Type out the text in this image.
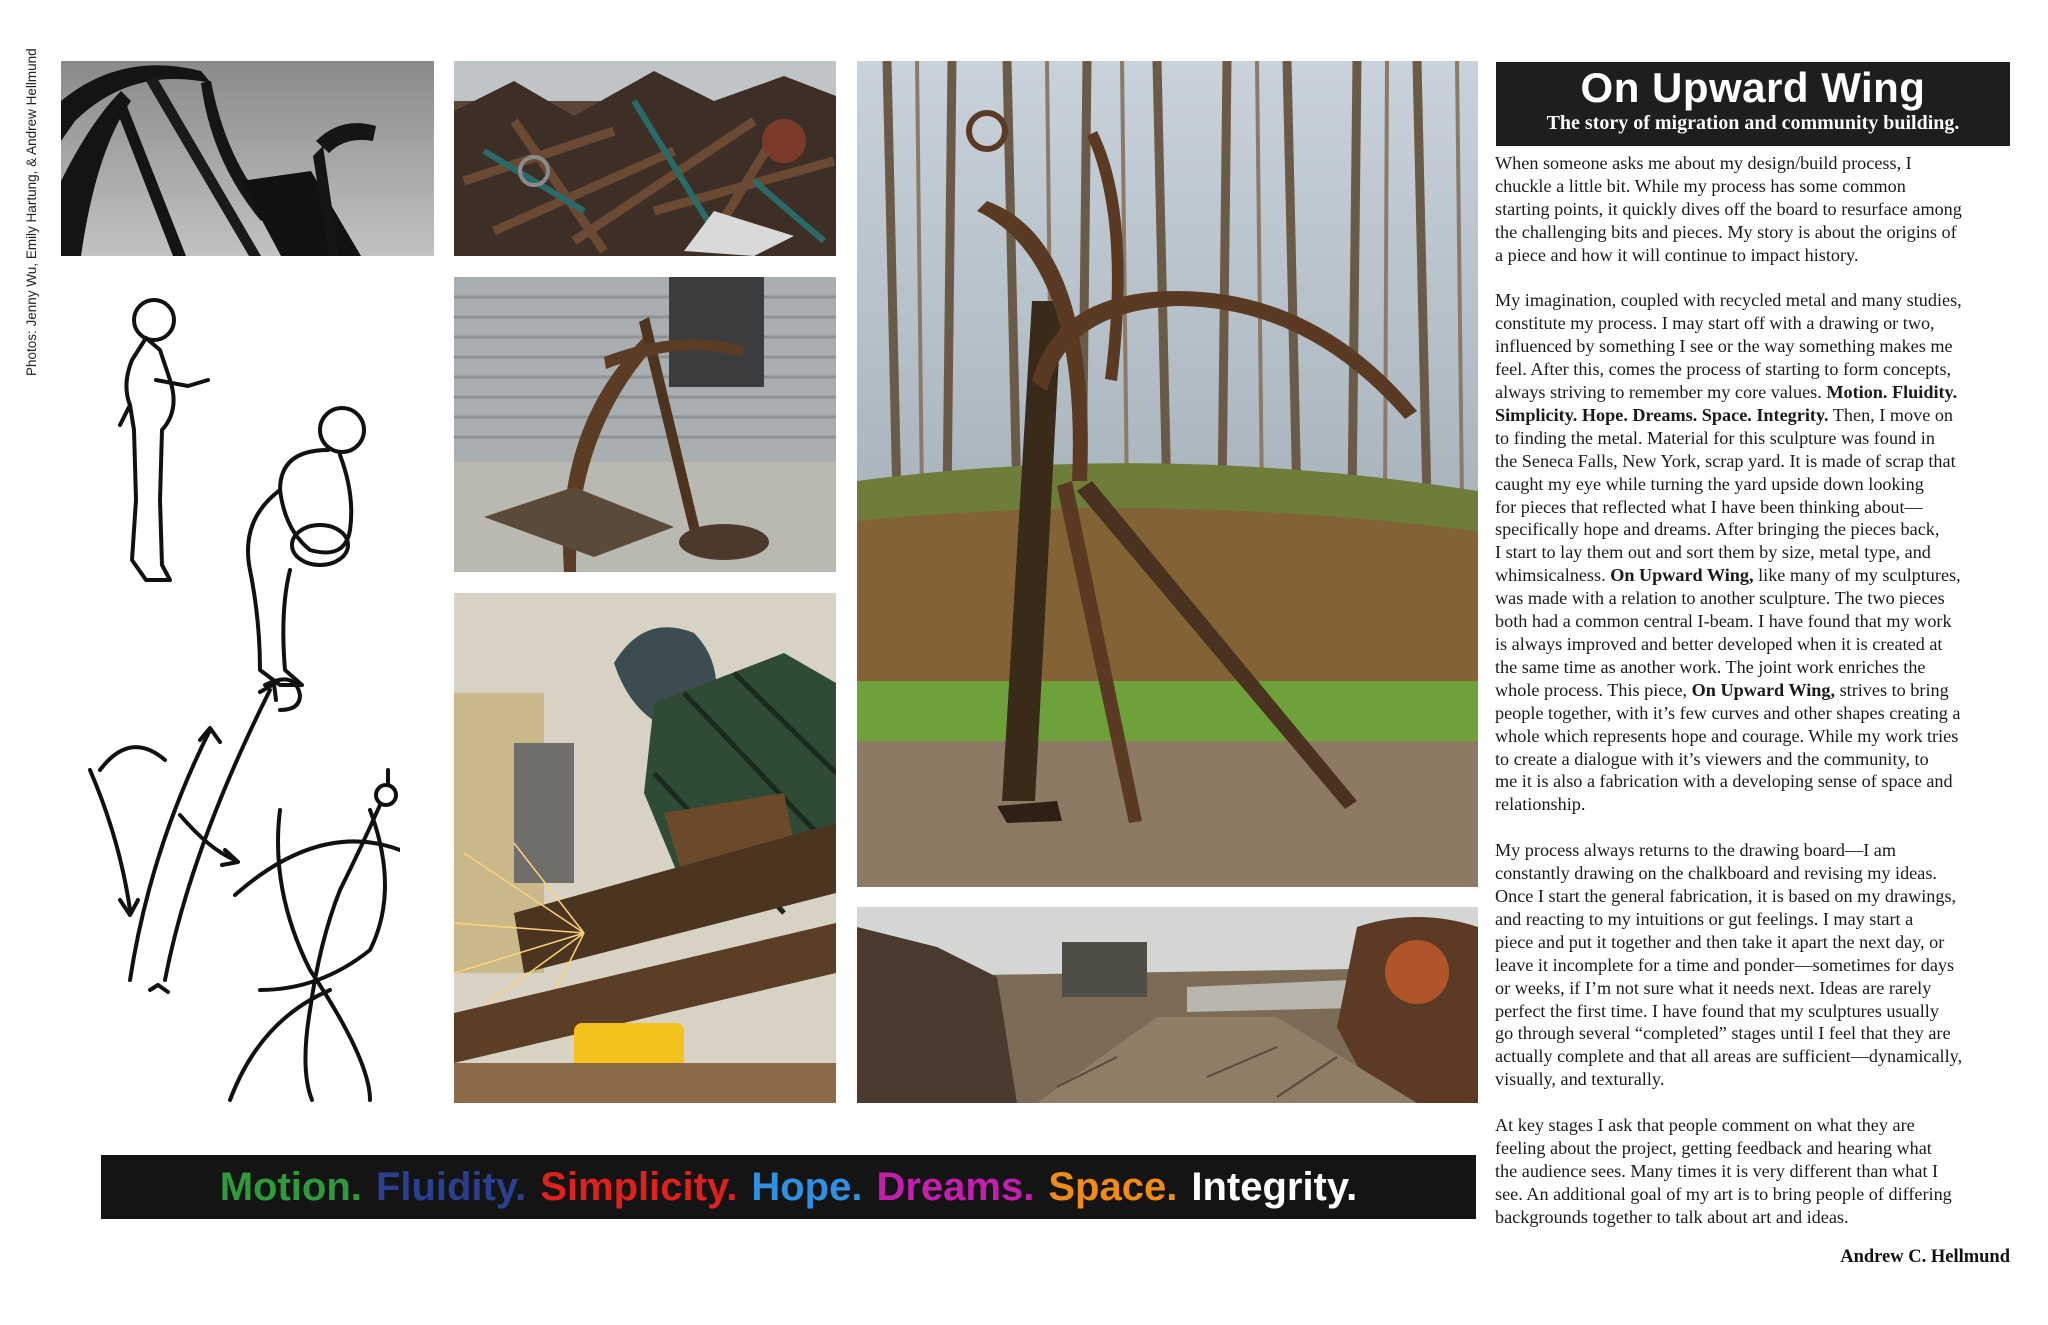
Photos: Jenny Wu, Emily Hartung, & Andrew Hellmund	On Upward Wing
The story of migration and community building.

When someone asks me about my design/build process, I
chuckle a little bit. While my process has some common
starting points, it quickly dives off the board to resurface among
the challenging bits and pieces. My story is about the origins of
a piece and how it will continue to impact history.

My imagination, coupled with recycled metal and many studies,
constitute my process. I may start off with a drawing or two,
influenced by something I see or the way something makes me
feel. After this, comes the process of starting to form concepts,
always striving to remember my core values. Motion. Fluidity.
Simplicity. Hope. Dreams. Space. Integrity. Then, I move on
to finding the metal. Material for this sculpture was found in
the Seneca Falls, New York, scrap yard. It is made of scrap that
caught my eye while turning the yard upside down looking
for pieces that reflected what I have been thinking about—
specifically hope and dreams. After bringing the pieces back,
I start to lay them out and sort them by size, metal type, and
whimsicalness. On Upward Wing, like many of my sculptures,
was made with a relation to another sculpture. The two pieces
both had a common central I-beam. I have found that my work
is always improved and better developed when it is created at
the same time as another work. The joint work enriches the
whole process. This piece, On Upward Wing, strives to bring
people together, with it’s few curves and other shapes creating a
whole which represents hope and courage. While my work tries
to create a dialogue with it’s viewers and the community, to
me it is also a fabrication with a developing sense of space and
relationship.

My process always returns to the drawing board—I am
constantly drawing on the chalkboard and revising my ideas.
Once I start the general fabrication, it is based on my drawings,
and reacting to my intuitions or gut feelings. I may start a
piece and put it together and then take it apart the next day, or
leave it incomplete for a time and ponder—sometimes for days
or weeks, if I’m not sure what it needs next. Ideas are rarely
perfect the first time. I have found that my sculptures usually
go through several “completed” stages until I feel that they are
actually complete and that all areas are sufficient—dynamically,
visually, and texturally.

At key stages I ask that people comment on what they are
feeling about the project, getting feedback and hearing what
the audience sees. Many times it is very different than what I
see. An additional goal of my art is to bring people of differing
backgrounds together to talk about art and ideas.

Andrew C. Hellmund
Motion. Fluidity. Simplicity. Hope. Dreams. Space. Integrity.
